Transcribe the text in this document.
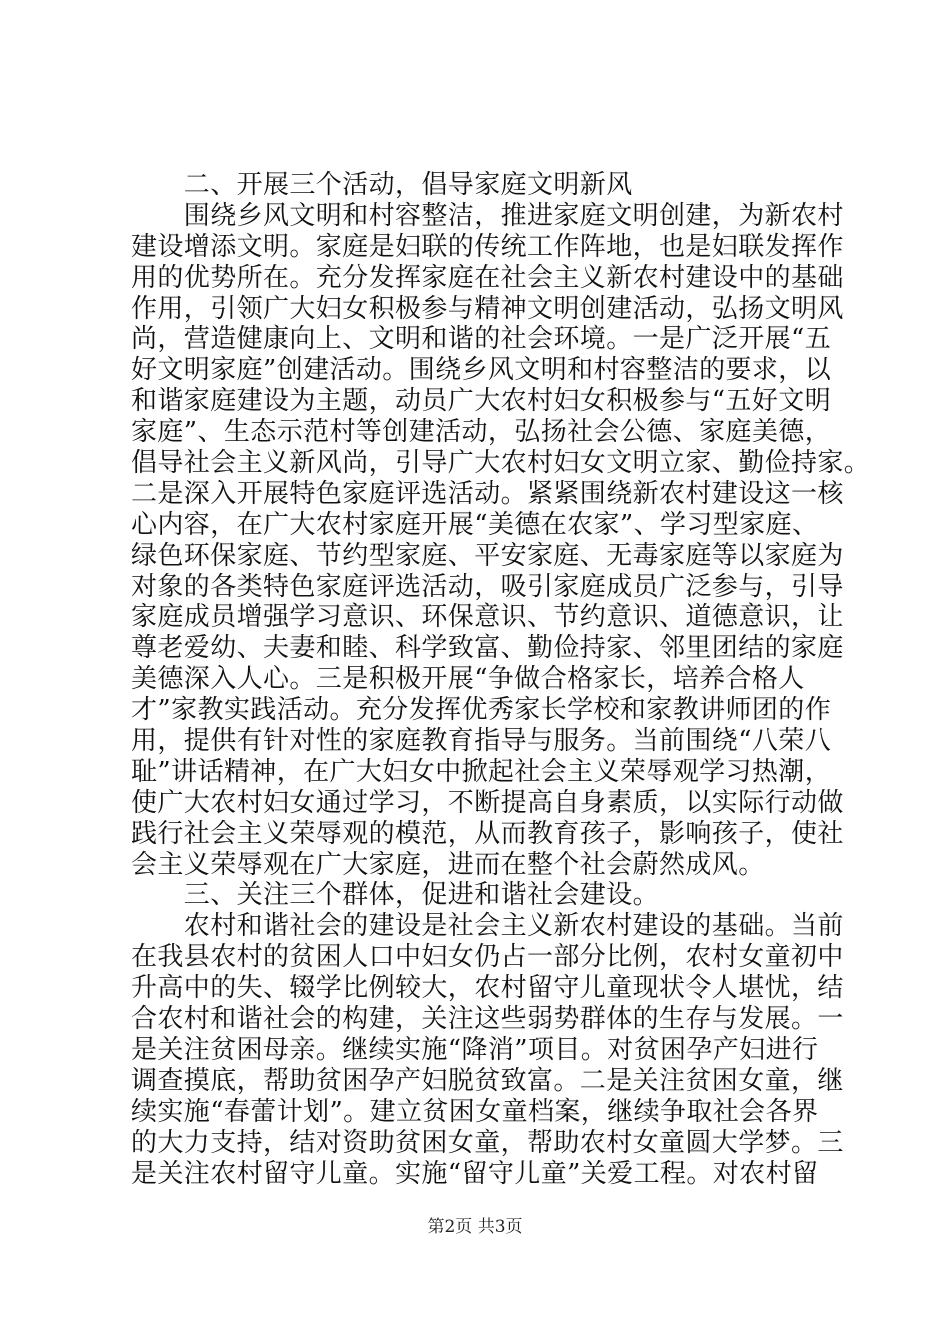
　　二、开展三个活动，倡导家庭文明新风
　　围绕乡风文明和村容整洁，推进家庭文明创建，为新农村
建设增添文明。家庭是妇联的传统工作阵地，也是妇联发挥作
用的优势所在。充分发挥家庭在社会主义新农村建设中的基础
作用，引领广大妇女积极参与精神文明创建活动，弘扬文明风
尚，营造健康向上、文明和谐的社会环境。一是广泛开展“五
好文明家庭”创建活动。围绕乡风文明和村容整洁的要求，以
和谐家庭建设为主题，动员广大农村妇女积极参与“五好文明
家庭”、生态示范村等创建活动，弘扬社会公德、家庭美德，
倡导社会主义新风尚，引导广大农村妇女文明立家、勤俭持家。
二是深入开展特色家庭评选活动。紧紧围绕新农村建设这一核
心内容，在广大农村家庭开展“美德在农家”、学习型家庭、
绿色环保家庭、节约型家庭、平安家庭、无毒家庭等以家庭为
对象的各类特色家庭评选活动，吸引家庭成员广泛参与，引导
家庭成员增强学习意识、环保意识、节约意识、道德意识，让
尊老爱幼、夫妻和睦、科学致富、勤俭持家、邻里团结的家庭
美德深入人心。三是积极开展“争做合格家长，培养合格人
才”家教实践活动。充分发挥优秀家长学校和家教讲师团的作
用，提供有针对性的家庭教育指导与服务。当前围绕“八荣八
耻”讲话精神，在广大妇女中掀起社会主义荣辱观学习热潮，
使广大农村妇女通过学习，不断提高自身素质，以实际行动做
践行社会主义荣辱观的模范，从而教育孩子，影响孩子，使社
会主义荣辱观在广大家庭，进而在整个社会蔚然成风。
　　三、关注三个群体，促进和谐社会建设。
　　农村和谐社会的建设是社会主义新农村建设的基础。当前
在我县农村的贫困人口中妇女仍占一部分比例，农村女童初中
升高中的失、辍学比例较大，农村留守儿童现状令人堪忧，结
合农村和谐社会的构建，关注这些弱势群体的生存与发展。一
是关注贫困母亲。继续实施“降消”项目。对贫困孕产妇进行
调查摸底，帮助贫困孕产妇脱贫致富。二是关注贫困女童，继
续实施“春蕾计划”。建立贫困女童档案，继续争取社会各界
的大力支持，结对资助贫困女童，帮助农村女童圆大学梦。三
是关注农村留守儿童。实施“留守儿童”关爱工程。对农村留
第2页 共3页
